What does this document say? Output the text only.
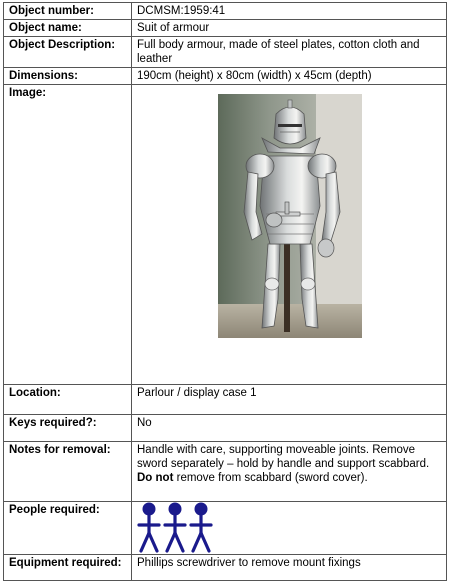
Object number:	DCMSM:1959:41
Object name:	Suit of armour
Object Description:	Full body armour, made of steel plates, cotton cloth and leather
Dimensions:	190cm (height) x 80cm (width) x 45cm (depth)
Image:	

Location:	Parlour / display case 1
Keys required?:	No
Notes for removal:	Handle with care, supporting moveable joints. Remove sword separately – hold by handle and support scabbard. Do not remove from scabbard (sword cover).
People required:	

Equipment required:	Phillips screwdriver to remove mount fixings
